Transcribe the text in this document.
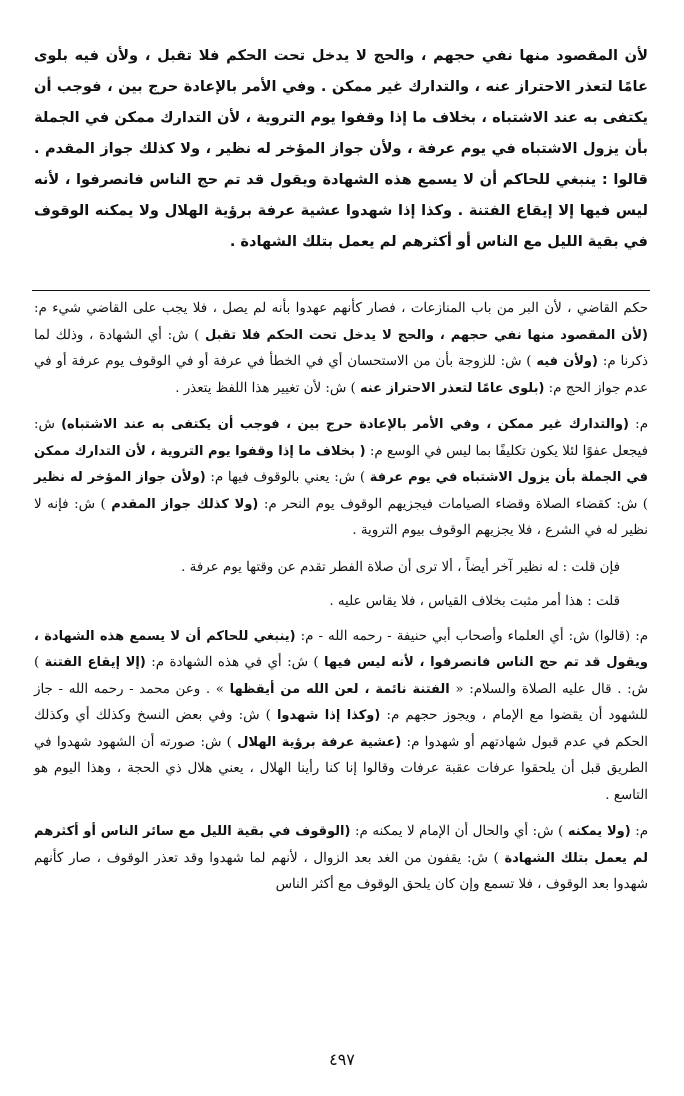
لأن المقصود منها نفي حجهم ، والحج لا يدخل تحت الحكم فلا تقبل ، ولأن فيه بلوى عامًا لتعذر الاحتراز عنه ، والتدارك غير ممكن . وفي الأمر بالإعادة حرج بين ، فوجب أن يكتفى به عند الاشتباه ، بخلاف ما إذا وقفوا يوم التروية ، لأن التدارك ممكن في الجملة بأن يزول الاشتباه في يوم عرفة ، ولأن جواز المؤخر له نظير ، ولا كذلك جواز المقدم . قالوا : ينبغي للحاكم أن لا يسمع هذه الشهادة ويقول قد تم حج الناس فانصرفوا ، لأنه ليس فيها إلا إيقاع الفتنة . وكذا إذا شهدوا عشية عرفة برؤية الهلال ولا يمكنه الوقوف في بقية الليل مع الناس أو أكثرهم لم يعمل بتلك الشهادة .

حكم القاضي ، لأن البر من باب المنازعات ، فصار كأنهم عهدوا بأنه لم يصل ، فلا يجب على القاضي شيء م: (لأن المقصود منها نفي حجهم ، والحج لا يدخل تحت الحكم فلا تقبل ) ش: أي الشهادة ، وذلك لما ذكرنا م: (ولأن فيه ) ش: للزوجة بأن من الاستحسان أي في الخطأ في عرفة أو في الوقوف يوم عرفة أو في عدم جواز الحج م: (بلوى عامًا لتعذر الاحتراز عنه ) ش: لأن تغيير هذا اللفظ يتعذر .

م: (والتدارك غير ممكن ، وفي الأمر بالإعادة حرج بين ، فوجب أن يكتفى به عند الاشتباه) ش: فيجعل عفوًا لئلا يكون تكليفًا بما ليس في الوسع م: ( بخلاف ما إذا وقفوا يوم التروية ، لأن التدارك ممكن في الجملة بأن يزول الاشتباه في يوم عرفة ) ش: يعني بالوقوف فيها م: (ولأن جواز المؤخر له نظير ) ش: كقضاء الصلاة وقضاء الصيامات فيجزيهم الوقوف يوم النحر م: (ولا كذلك جواز المقدم ) ش: فإنه لا نظير له في الشرع ، فلا يجزيهم الوقوف بيوم التروية .

فإن قلت : له نظير آخر أيضاً ، ألا ترى أن صلاة الفطر تقدم عن وقتها يوم عرفة .

قلت : هذا أمر مثبت بخلاف القياس ، فلا يقاس عليه .

م: (قالوا) ش: أي العلماء وأصحاب أبي حنيفة - رحمه الله - م: (ينبغي للحاكم أن لا يسمع هذه الشهادة ، ويقول قد تم حج الناس فانصرفوا ، لأنه ليس فيها ) ش: أي في هذه الشهادة م: (إلا إيقاع الفتنة ) ش: . قال عليه الصلاة والسلام: « الفتنة نائمة ، لعن الله من أيقظها » . وعن محمد - رحمه الله - جاز للشهود أن يقضوا مع الإمام ، ويجوز حجهم م: (وكذا إذا شهدوا ) ش: وفي بعض النسخ وكذلك أي وكذلك الحكم في عدم قبول شهادتهم أو شهدوا م: (عشية عرفة برؤية الهلال ) ش: صورته أن الشهود شهدوا في الطريق قبل أن يلحقوا عرفات عقبة عرفات وقالوا إنا كنا رأينا الهلال ، يعني هلال ذي الحجة ، وهذا اليوم هو التاسع .

م: (ولا يمكنه ) ش: أي والحال أن الإمام لا يمكنه م: (الوقوف في بقية الليل مع سائر الناس أو أكثرهم لم يعمل بتلك الشهادة ) ش: يقفون من الغد بعد الزوال ، لأنهم لما شهدوا وقد تعذر الوقوف ، صار كأنهم شهدوا بعد الوقوف ، فلا تسمع وإن كان يلحق الوقوف مع أكثر الناس

٤٩٧
